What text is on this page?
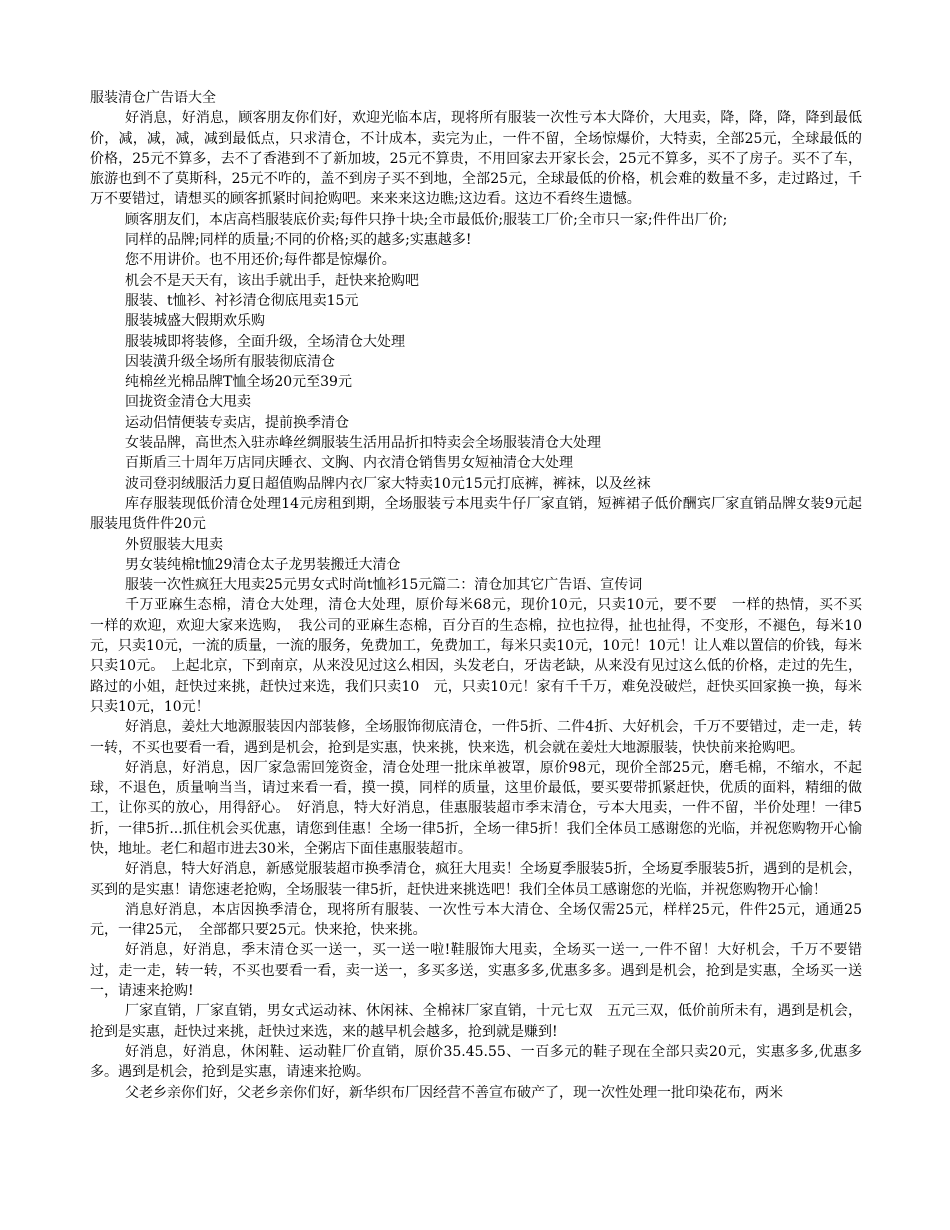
服装清仓广告语大全

好消息，好消息，顾客朋友你们好，欢迎光临本店，现将所有服装一次性亏本大降价，大甩卖，降，降，降，降到最低价，减，减，减，减到最低点，只求清仓，不计成本，卖完为止，一件不留，全场惊爆价，大特卖，全部25元，全球最低的价格，25元不算多，去不了香港到不了新加坡，25元不算贵，不用回家去开家长会，25元不算多，买不了房子。买不了车，旅游也到不了莫斯科，25元不咋的，盖不到房子买不到地，全部25元，全球最低的价格，机会难的数量不多，走过路过，千万不要错过，请想买的顾客抓紧时间抢购吧。来来来这边瞧;这边看。这边不看终生遗憾。

顾客朋友们，本店高档服装底价卖;每件只挣十块;全市最低价;服装工厂价;全市只一家;件件出厂价;

同样的品牌;同样的质量;不同的价格;买的越多;实惠越多!

您不用讲价。也不用还价;每件都是惊爆价。

机会不是天天有，该出手就出手，赶快来抢购吧

服装、t恤衫、衬衫清仓彻底甩卖15元

服装城盛大假期欢乐购

服装城即将装修，全面升级，全场清仓大处理

因装潢升级全场所有服装彻底清仓

纯棉丝光棉品牌T恤全场20元至39元

回拢资金清仓大甩卖

运动侣情便装专卖店，提前换季清仓

女装品牌，高世杰入驻赤峰丝绸服装生活用品折扣特卖会全场服装清仓大处理

百斯盾三十周年万店同庆睡衣、文胸、内衣清仓销售男女短袖清仓大处理

波司登羽绒服活力夏日超值购品牌内衣厂家大特卖10元15元打底裤，裤袜，以及丝袜

库存服装现低价清仓处理14元房租到期，全场服装亏本甩卖牛仔厂家直销，短裤裙子低价酬宾厂家直销品牌女装9元起服装甩货件件20元

外贸服装大甩卖

男女装纯棉t恤29清仓太子龙男装搬迁大清仓

服装一次性疯狂大甩卖25元男女式时尚t恤衫15元篇二：清仓加其它广告语、宣传词

千万亚麻生态棉，清仓大处理，清仓大处理，原价每米68元，现价10元，只卖10元，要不要　一样的热情，买不买　一样的欢迎，欢迎大家来选购，　我公司的亚麻生态棉，百分百的生态棉，拉也拉得，扯也扯得，不变形，不褪色，每米10元，只卖10元，一流的质量，一流的服务，免费加工，免费加工，每米只卖10元，10元！10元！让人难以置信的价钱，每米只卖10元。　上起北京，下到南京，从来没见过这么相因，头发老白，牙齿老缺，从来没有见过这么低的价格，走过的先生，路过的小姐，赶快过来挑，赶快过来选，我们只卖10　元，只卖10元！家有千千万，难免没破烂，赶快买回家换一换，每米只卖10元，10元！

好消息，姜灶大地源服装因内部装修，全场服饰彻底清仓，一件5折、二件4折、大好机会，千万不要错过，走一走，转一转，不买也要看一看，遇到是机会，抢到是实惠，快来挑，快来选，机会就在姜灶大地源服装，快快前来抢购吧。

好消息，好消息，因厂家急需回笼资金，清仓处理一批床单被罩，原价98元，现价全部25元，磨毛棉，不缩水，不起球，不退色，质量响当当，请过来看一看，摸一摸，同样的质量，这里价最低，要买要带抓紧赶快，优质的面料，精细的做工，让你买的放心，用得舒心。　好消息，特大好消息，佳惠服装超市季末清仓，亏本大甩卖，一件不留，半价处理！一律5折，一律5折...抓住机会买优惠，请您到佳惠！全场一律5折，全场一律5折！我们全体员工感谢您的光临，并祝您购物开心愉快，地址。老仁和超市进去30米，全粥店下面佳惠服装超市。

好消息，特大好消息，新感觉服装超市换季清仓，疯狂大甩卖！全场夏季服装5折，全场夏季服装5折，遇到的是机会，买到的是实惠！请您速老抢购，全场服装一律5折，赶快进来挑选吧！我们全体员工感谢您的光临，并祝您购物开心愉！

消息好消息，本店因换季清仓，现将所有服装、一次性亏本大清仓、全场仅需25元，样样25元，件件25元，通通25元，一律25元，　全部都只要25元。快来抢，快来挑。

好消息，好消息，季末清仓买一送一，买一送一啦!鞋服饰大甩卖，全场买一送一,一件不留！大好机会，千万不要错过，走一走，转一转，不买也要看一看，卖一送一，多买多送，实惠多多,优惠多多。遇到是机会，抢到是实惠，全场买一送一，请速来抢购!

厂家直销，厂家直销，男女式运动袜、休闲袜、全棉袜厂家直销，十元七双　五元三双，低价前所未有，遇到是机会，抢到是实惠，赶快过来挑，赶快过来选，来的越早机会越多，抢到就是赚到!

好消息，好消息，休闲鞋、运动鞋厂价直销，原价35.45.55、一百多元的鞋子现在全部只卖20元，实惠多多,优惠多多。遇到是机会，抢到是实惠，请速来抢购。

父老乡亲你们好，父老乡亲你们好，新华织布厂因经营不善宣布破产了，现一次性处理一批印染花布，两米
